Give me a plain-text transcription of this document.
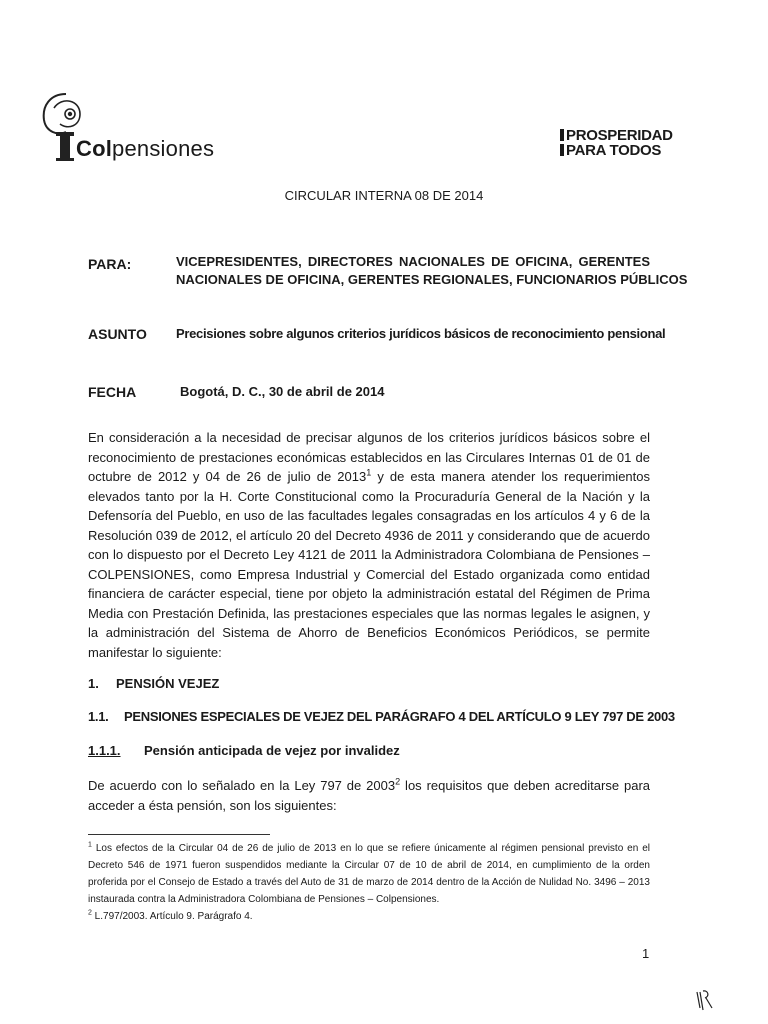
Colpensiones
PROSPERIDAD
PARA TODOS
CIRCULAR INTERNA 08 DE 2014
PARA:	VICEPRESIDENTES, DIRECTORES NACIONALES DE OFICINA, GERENTES
NACIONALES DE OFICINA, GERENTES REGIONALES, FUNCIONARIOS PÚBLICOS
ASUNTO Precisiones sobre algunos criterios jurídicos básicos de reconocimiento pensional
FECHA	Bogotá, D. C., 30 de abril de 2014
En consideración a la necesidad de precisar algunos de los criterios jurídicos básicos sobre el reconocimiento de prestaciones económicas establecidos en las Circulares Internas 01 de 01 de octubre de 2012 y 04 de 26 de julio de 2013$^1$ y de esta manera atender los requerimientos elevados tanto por la H. Corte Constitucional como la Procuraduría General de la Nación y la Defensoría del Pueblo, en uso de las facultades legales consagradas en los artículos 4 y 6 de la Resolución 039 de 2012, el artículo 20 del Decreto 4936 de 2011 y considerando que de acuerdo con lo dispuesto por el Decreto Ley 4121 de 2011 la Administradora Colombiana de Pensiones – COLPENSIONES, como Empresa Industrial y Comercial del Estado organizada como entidad financiera de carácter especial, tiene por objeto la administración estatal del Régimen de Prima Media con Prestación Definida, las prestaciones especiales que las normas legales le asignen, y la administración del Sistema de Ahorro de Beneficios Económicos Periódicos, se permite manifestar lo siguiente:
1. PENSIÓN VEJEZ
1.1. PENSIONES ESPECIALES DE VEJEZ DEL PARÁGRAFO 4 DEL ARTÍCULO 9 LEY 797 DE 2003
1.1.1. Pensión anticipada de vejez por invalidez
De acuerdo con lo señalado en la Ley 797 de 2003$^2$ los requisitos que deben acreditarse para acceder a ésta pensión, son los siguientes:
$^1$ Los efectos de la Circular 04 de 26 de julio de 2013 en lo que se refiere únicamente al régimen pensional previsto en el Decreto 546 de 1971 fueron suspendidos mediante la Circular 07 de 10 de abril de 2014, en cumplimiento de la orden proferida por el Consejo de Estado a través del Auto de 31 de marzo de 2014 dentro de la Acción de Nulidad No. 3496 – 2013 instaurada contra la Administradora Colombiana de Pensiones – Colpensiones.
$^2$ L.797/2003. Artículo 9. Parágrafo 4.
1
